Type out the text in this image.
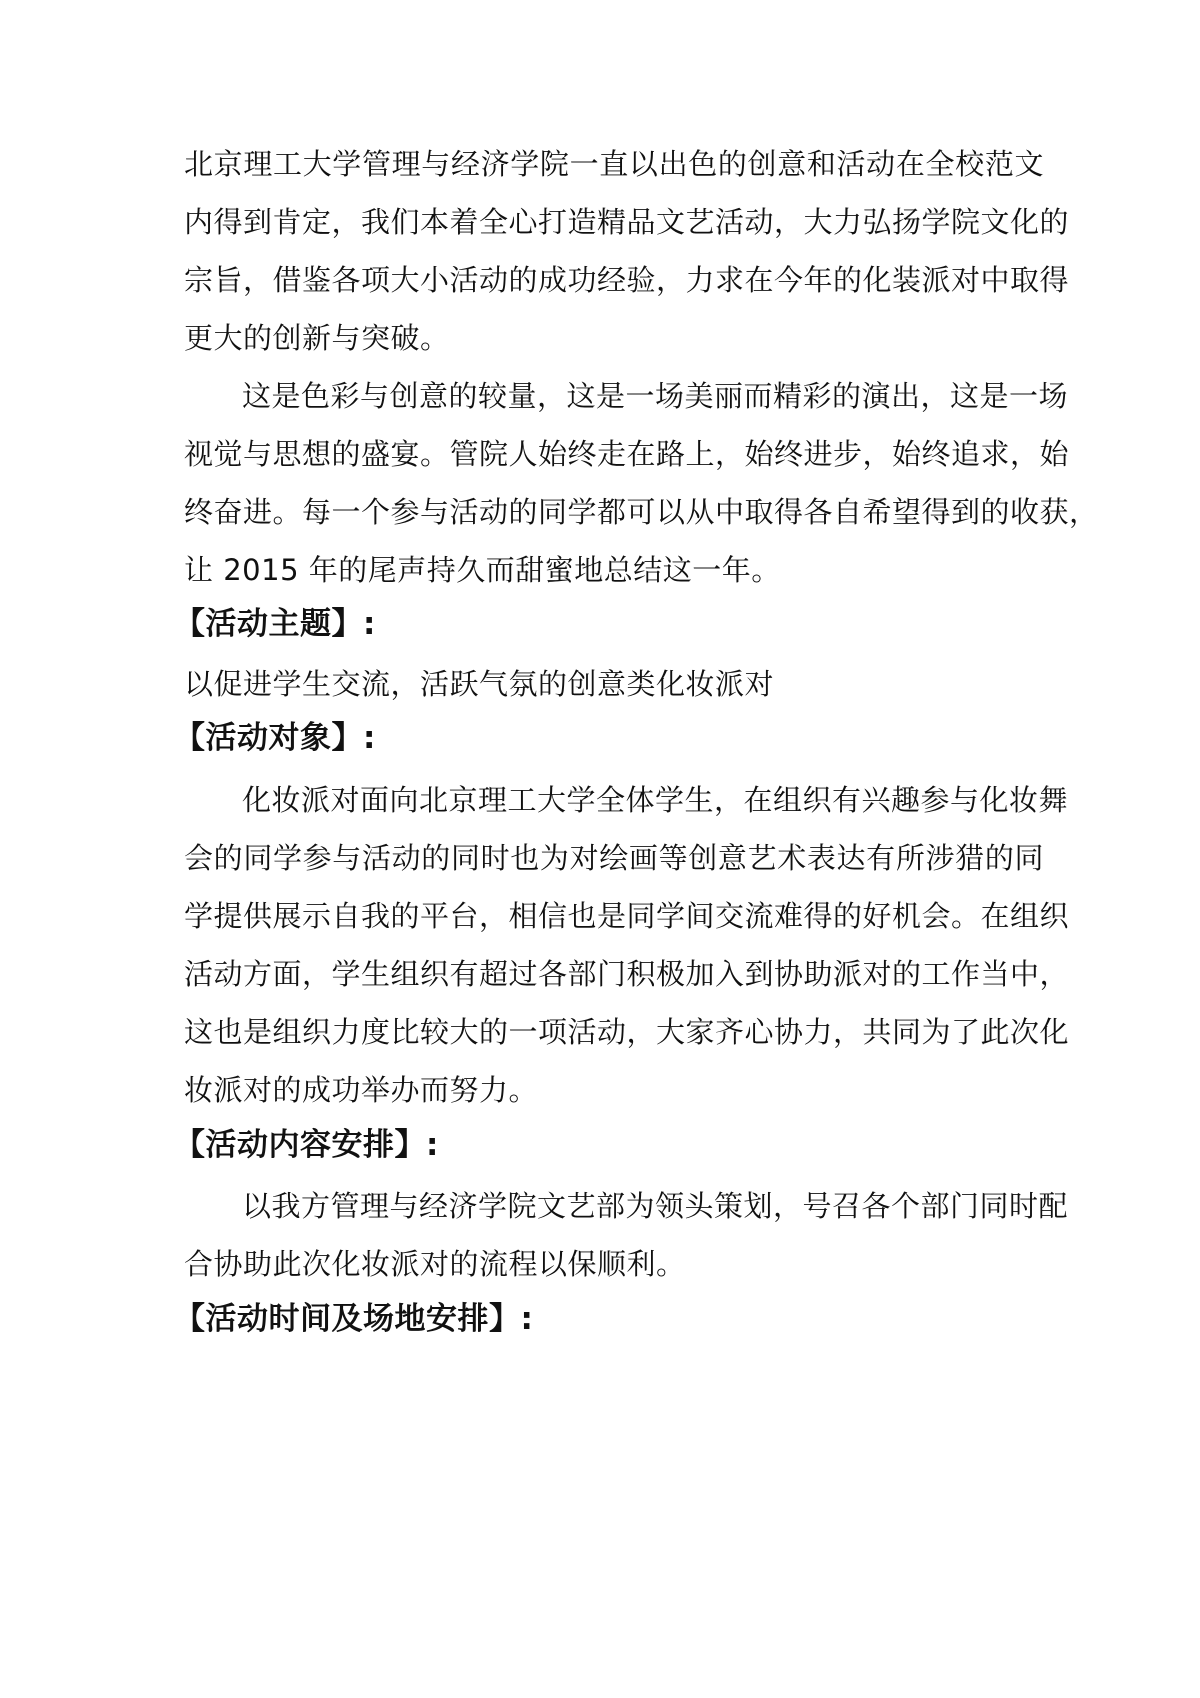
北京理工大学管理与经济学院一直以出色的创意和活动在全校范文
内得到肯定，我们本着全心打造精品文艺活动，大力弘扬学院文化的
宗旨，借鉴各项大小活动的成功经验，力求在今年的化装派对中取得
更大的创新与突破。
这是色彩与创意的较量，这是一场美丽而精彩的演出，这是一场
视觉与思想的盛宴。管院人始终走在路上，始终进步，始终追求，始
终奋进。每一个参与活动的同学都可以从中取得各自希望得到的收获，
让 2015 年的尾声持久而甜蜜地总结这一年。
【活动主题】:
以促进学生交流，活跃气氛的创意类化妆派对
【活动对象】:
化妆派对面向北京理工大学全体学生，在组织有兴趣参与化妆舞
会的同学参与活动的同时也为对绘画等创意艺术表达有所涉猎的同
学提供展示自我的平台，相信也是同学间交流难得的好机会。在组织
活动方面，学生组织有超过各部门积极加入到协助派对的工作当中，
这也是组织力度比较大的一项活动，大家齐心协力，共同为了此次化
妆派对的成功举办而努力。
【活动内容安排】:
以我方管理与经济学院文艺部为领头策划，号召各个部门同时配
合协助此次化妆派对的流程以保顺利。
【活动时间及场地安排】:
